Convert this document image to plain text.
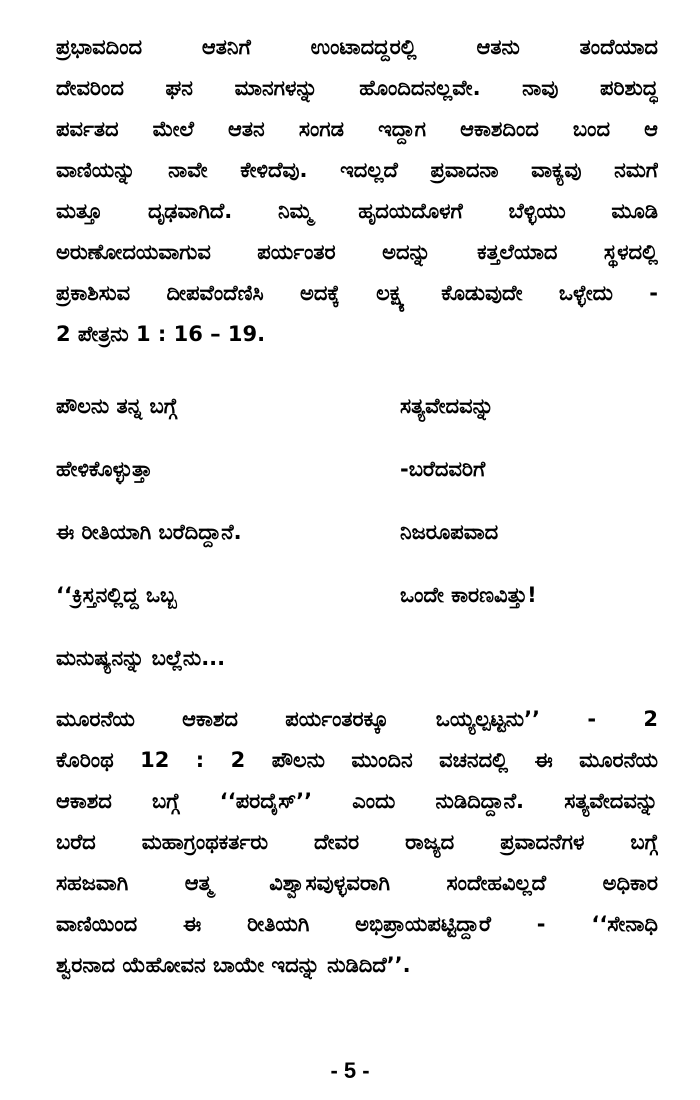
ಪ್ರಭಾವದಿಂದ ಆತನಿಗೆ ಉಂಟಾದದ್ದರಲ್ಲಿ ಆತನು ತಂದೆಯಾದ
ದೇವರಿಂದ ಘನ ಮಾನಗಳನ್ನು ಹೊಂದಿದನಲ್ಲವೇ. ನಾವು ಪರಿಶುದ್ಧ
ಪರ್ವತದ ಮೇಲೆ ಆತನ ಸಂಗಡ ಇದ್ದಾಗ ಆಕಾಶದಿಂದ ಬಂದ ಆ
ವಾಣಿಯನ್ನು ನಾವೇ ಕೇಳಿದೆವು. ಇದಲ್ಲದೆ ಪ್ರವಾದನಾ ವಾಕ್ಯವು ನಮಗೆ
ಮತ್ತೂ ದೃಢವಾಗಿದೆ. ನಿಮ್ಮ ಹೃದಯದೊಳಗೆ ಬೆಳ್ಳಿಯು ಮೂಡಿ
ಅರುಣೋದಯವಾಗುವ ಪರ್ಯಂತರ ಅದನ್ನು ಕತ್ತಲೆಯಾದ ಸ್ಥಳದಲ್ಲಿ
ಪ್ರಕಾಶಿಸುವ ದೀಪವೆಂದೆಣಿಸಿ ಅದಕ್ಕೆ ಲಕ್ಷ್ಯ ಕೊಡುವುದೇ ಒಳ್ಳೇದು -
2 ಪೇತ್ರನು 1 : 16 – 19.
ಪೌಲನು ತನ್ನ ಬಗ್ಗೆ	ಸತ್ಯವೇದವನ್ನು
ಹೇಳಿಕೊಳ್ಳುತ್ತಾ	-ಬರೆದವರಿಗೆ
ಈ ರೀತಿಯಾಗಿ ಬರೆದಿದ್ದಾನೆ.	ನಿಜರೂಪವಾದ
‘‘ಕ್ರಿಸ್ತನಲ್ಲಿದ್ದ ಒಬ್ಬ	ಒಂದೇ ಕಾರಣವಿತ್ತು!
ಮನುಷ್ಯನನ್ನು ಬಲ್ಲೆನು...
ಮೂರನೆಯ ಆಕಾಶದ ಪರ್ಯಂತರಕ್ಕೂ ಒಯ್ಯಲ್ಪಟ್ಟನು’’ - 2
ಕೊರಿಂಥ 12 : 2 ಪೌಲನು ಮುಂದಿನ ವಚನದಲ್ಲಿ ಈ ಮೂರನೆಯ
ಆಕಾಶದ ಬಗ್ಗೆ ‘‘ಪರದೈಸ್’’ ಎಂದು ನುಡಿದಿದ್ದಾನೆ. ಸತ್ಯವೇದವನ್ನು
ಬರೆದ ಮಹಾಗ್ರಂಥಕರ್ತರು ದೇವರ ರಾಜ್ಯದ ಪ್ರವಾದನೆಗಳ ಬಗ್ಗೆ
ಸಹಜವಾಗಿ ಆತ್ಮ ವಿಶ್ವಾಸವುಳ್ಳವರಾಗಿ ಸಂದೇಹವಿಲ್ಲದೆ ಅಧಿಕಾರ
ವಾಣಿಯಿಂದ ಈ ರೀತಿಯಗಿ ಅಭಿಪ್ರಾಯಪಟ್ಟಿದ್ದಾರೆ - ‘‘ಸೇನಾಧಿ
ಶ್ವರನಾದ ಯೆಹೋವನ ಬಾಯೇ ಇದನ್ನು ನುಡಿದಿದೆ’’.
- 5 -
